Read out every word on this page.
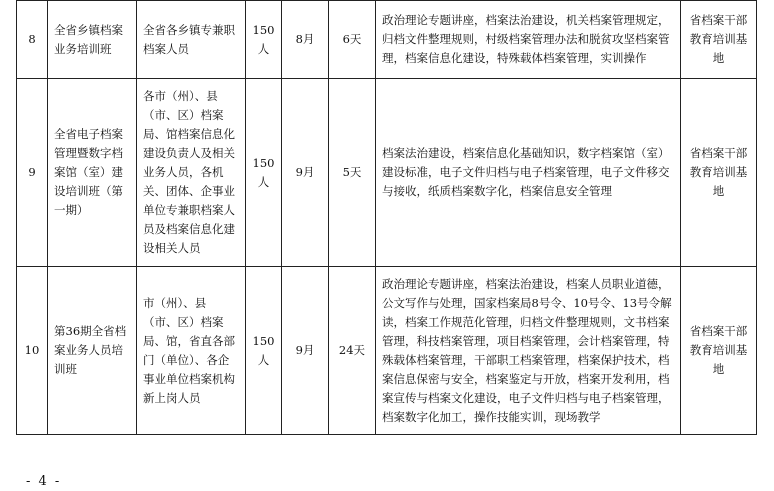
8	全省乡镇档案业务培训班	全省各乡镇专兼职档案人员	150人	8月	6天	政治理论专题讲座，档案法治建设，机关档案管理规定，归档文件整理规则，村级档案管理办法和脱贫攻坚档案管理，档案信息化建设，特殊载体档案管理，实训操作	省档案干部教育培训基地
9	全省电子档案管理暨数字档案馆（室）建设培训班（第一期）	各市（州）、县（市、区）档案局、馆档案信息化建设负责人及相关业务人员，各机关、团体、企事业单位专兼职档案人员及档案信息化建设相关人员	150人	9月	5天	档案法治建设，档案信息化基础知识，数字档案馆（室）建设标准，电子文件归档与电子档案管理，电子文件移交与接收，纸质档案数字化，档案信息安全管理	省档案干部教育培训基地
10	第36期全省档案业务人员培训班	市（州）、县（市、区）档案局、馆，省直各部门（单位）、各企事业单位档案机构新上岗人员	150人	9月	24天	政治理论专题讲座，档案法治建设，档案人员职业道德，公文写作与处理，国家档案局8号令、10号令、13号令解读，档案工作规范化管理，归档文件整理规则，文书档案管理，科技档案管理，项目档案管理，会计档案管理，特殊载体档案管理，干部职工档案管理，档案保护技术，档案信息保密与安全，档案鉴定与开放，档案开发利用，档案宣传与档案文化建设，电子文件归档与电子档案管理，档案数字化加工，操作技能实训，现场教学	省档案干部教育培训基地
- 4 -
